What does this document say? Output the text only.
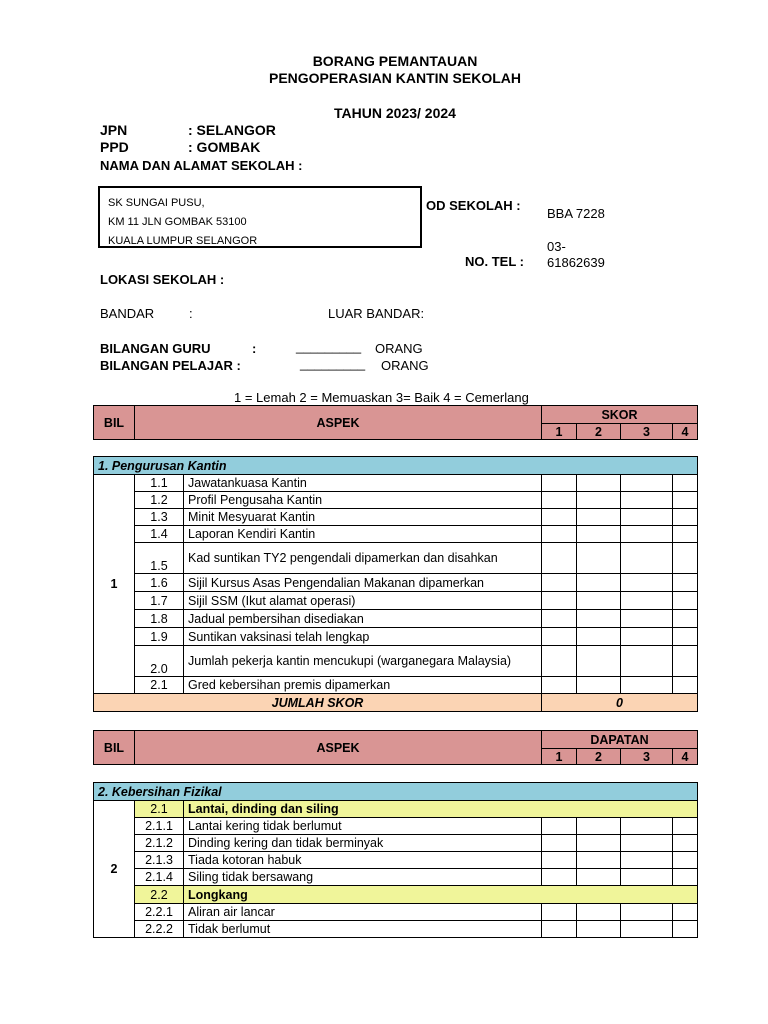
BORANG PEMANTAUAN
PENGOPERASIAN KANTIN SEKOLAH
TAHUN 2023/ 2024
JPN	: SELANGOR
PPD	: GOMBAK
NAMA DAN ALAMAT SEKOLAH :
SK SUNGAI PUSU,
KM 11 JLN GOMBAK 53100
KUALA LUMPUR SELANGOR
OD SEKOLAH :
BBA 7228
03-
NO. TEL : 61862639
LOKASI SEKOLAH :
BANDAR	:	LUAR BANDAR:
BILANGAN GURU	:	_________ ORANG
BILANGAN PELAJAR :	_________ ORANG
1 = Lemah 2 = Memuaskan 3= Baik 4 = Cemerlang
BIL	ASPEK	SKOR			
		1	2	3	4
1. Pengurusan Kantin						
1	1.1	Jawatankuasa Kantin				
	1.2	Profil Pengusaha Kantin				
	1.3	Minit Mesyuarat Kantin				
	1.4	Laporan Kendiri Kantin				
	1.5	Kad suntikan TY2 pengendali dipamerkan dan disahkan				
	1.6	Sijil Kursus Asas Pengendalian Makanan dipamerkan				
	1.7	Sijil SSM (Ikut alamat operasi)				
	1.8	Jadual pembersihan disediakan				
	1.9	Suntikan vaksinasi telah lengkap				
	2.0	Jumlah pekerja kantin mencukupi (warganegara Malaysia)				
	2.1	Gred kebersihan premis dipamerkan				
JUMLAH SKOR			0			
BIL	ASPEK	DAPATAN			
		1	2	3	4
2. Kebersihan Fizikal						
2	2.1	Lantai, dinding dan siling				
	2.1.1	Lantai kering tidak berlumut				
	2.1.2	Dinding kering dan tidak berminyak				
	2.1.3	Tiada kotoran habuk				
	2.1.4	Siling tidak bersawang				
	2.2	Longkang				
	2.2.1	Aliran air lancar				
	2.2.2	Tidak berlumut				
